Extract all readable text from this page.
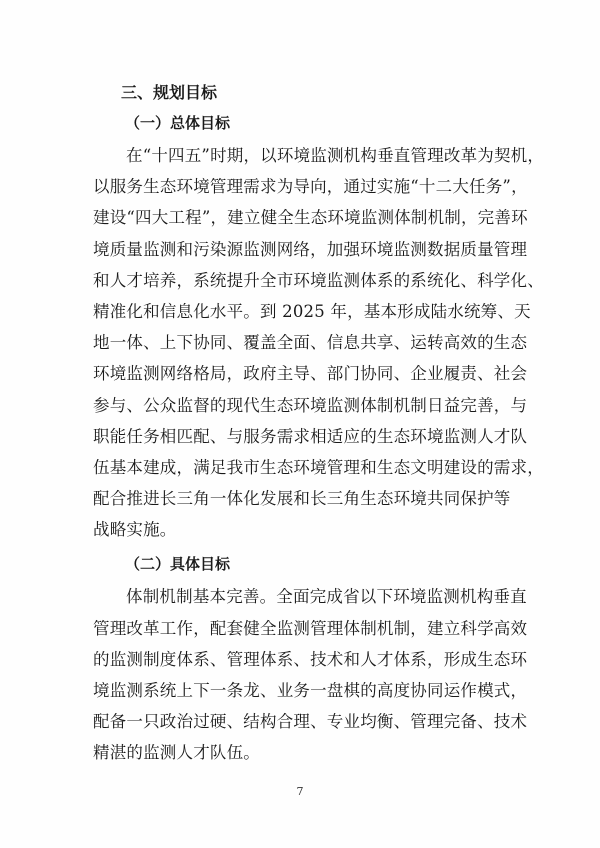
三、规划目标
（一）总体目标
在“十四五”时期，以环境监测机构垂直管理改革为契机，
以服务生态环境管理需求为导向，通过实施“十二大任务”，
建设“四大工程”，建立健全生态环境监测体制机制，完善环
境质量监测和污染源监测网络，加强环境监测数据质量管理
和人才培养，系统提升全市环境监测体系的系统化、科学化、
精准化和信息化水平。到 2025 年，基本形成陆水统筹、天
地一体、上下协同、覆盖全面、信息共享、运转高效的生态
环境监测网络格局，政府主导、部门协同、企业履责、社会
参与、公众监督的现代生态环境监测体制机制日益完善，与
职能任务相匹配、与服务需求相适应的生态环境监测人才队
伍基本建成，满足我市生态环境管理和生态文明建设的需求，
配合推进长三角一体化发展和长三角生态环境共同保护等
战略实施。
（二）具体目标
体制机制基本完善。全面完成省以下环境监测机构垂直
管理改革工作，配套健全监测管理体制机制，建立科学高效
的监测制度体系、管理体系、技术和人才体系，形成生态环
境监测系统上下一条龙、业务一盘棋的高度协同运作模式，
配备一只政治过硬、结构合理、专业均衡、管理完备、技术
精湛的监测人才队伍。
7
